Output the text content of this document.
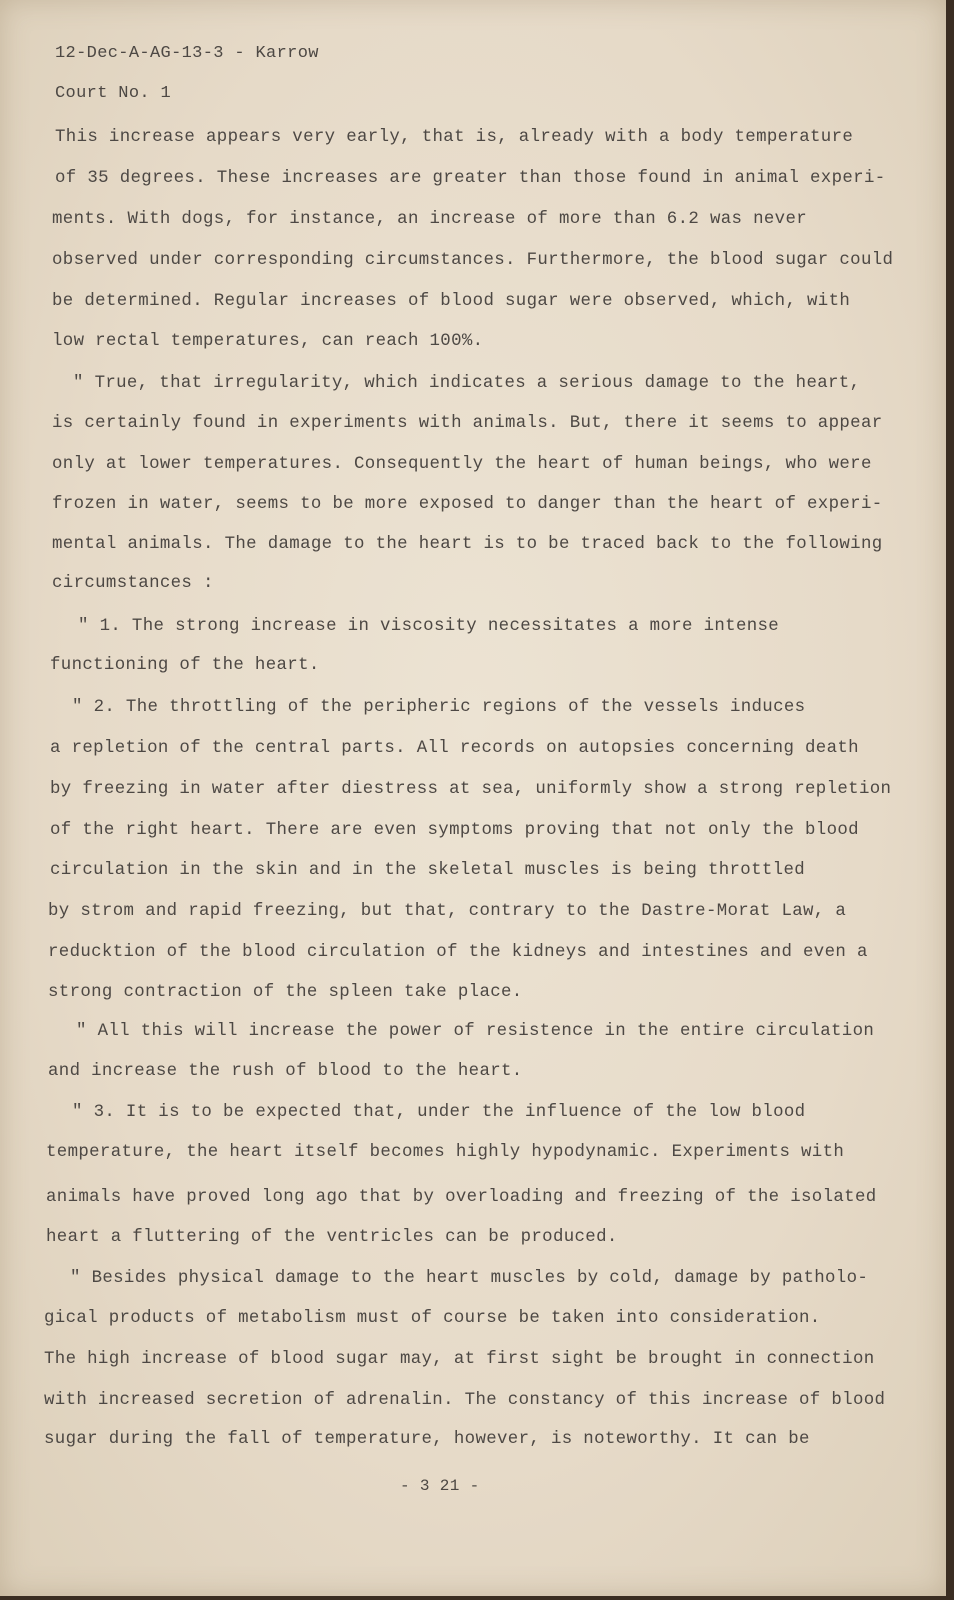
12-Dec-A-AG-13-3 - Karrow
Court No. 1
This increase appears very early, that is, already with a body temperature
of 35 degrees. These increases are greater than those found in animal experi-
ments. With dogs, for instance, an increase of more than 6.2 was never
observed under corresponding circumstances. Furthermore, the blood sugar could
be determined. Regular increases of blood sugar were observed, which, with
low rectal temperatures, can reach 100%.
" True, that irregularity, which indicates a serious damage to the heart,
is certainly found in experiments with animals. But, there it seems to appear
only at lower temperatures. Consequently the heart of human beings, who were
frozen in water, seems to be more exposed to danger than the heart of experi-
mental animals. The damage to the heart is to be traced back to the following
circumstances :
" 1. The strong increase in viscosity necessitates a more intense
functioning of the heart.
" 2. The throttling of the peripheric regions of the vessels induces
a repletion of the central parts. All records on autopsies concerning death
by freezing in water after diestress at sea, uniformly show a strong repletion
of the right heart. There are even symptoms proving that not only the blood
circulation in the skin and in the skeletal muscles is being throttled
by strom and rapid freezing, but that, contrary to the Dastre-Morat Law, a
reducktion of the blood circulation of the kidneys and intestines and even a
strong contraction of the spleen take place.
" All this will increase the power of resistence in the entire circulation
and increase the rush of blood to the heart.
" 3. It is to be expected that, under the influence of the low blood
temperature, the heart itself becomes highly hypodynamic. Experiments with
animals have proved long ago that by overloading and freezing of the isolated
heart a fluttering of the ventricles can be produced.
" Besides physical damage to the heart muscles by cold, damage by patholo-
gical products of metabolism must of course be taken into consideration.
The high increase of blood sugar may, at first sight be brought in connection
with increased secretion of adrenalin. The constancy of this increase of blood
sugar during the fall of temperature, however, is noteworthy. It can be
- 3 21 -
